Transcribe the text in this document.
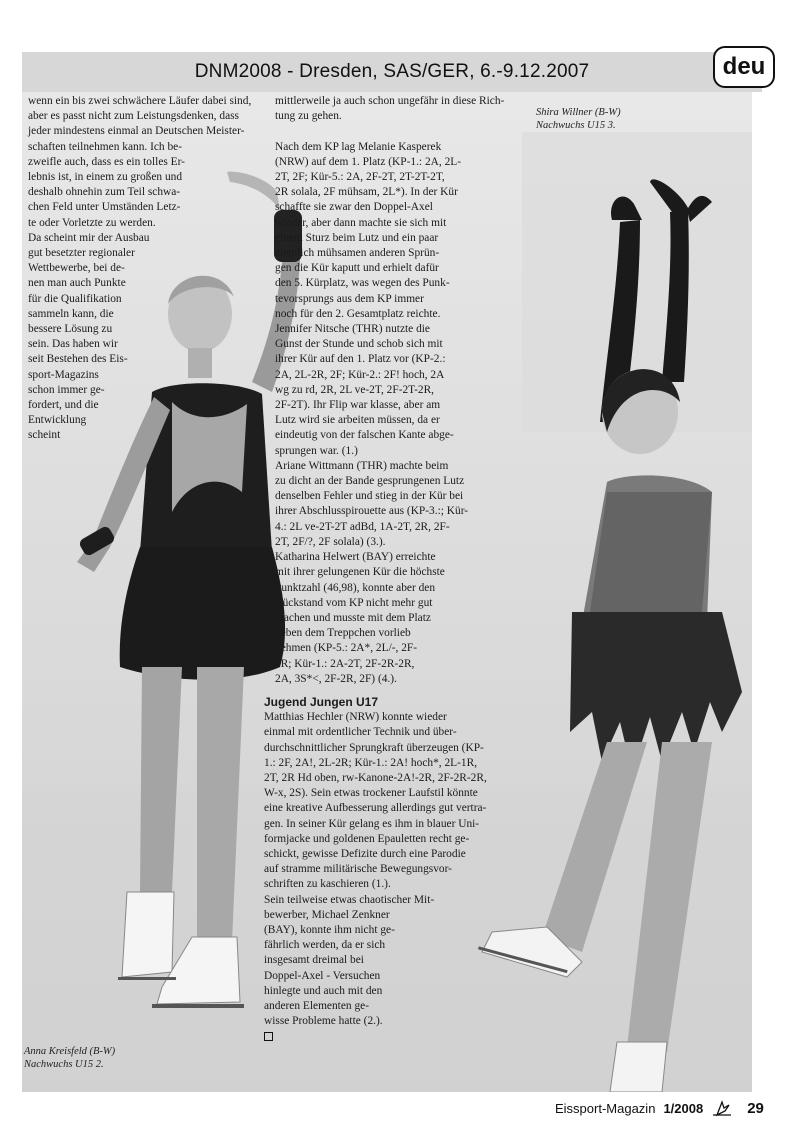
DNM2008 - Dresden, SAS/GER, 6.-9.12.2007	deu
wenn ein bis zwei schwächere Läufer dabei sind,
aber es passt nicht zum Leistungsdenken, dass
jeder mindestens einmal an Deutschen Meister-
schaften teilnehmen kann. Ich be-
zweifle auch, dass es ein tolles Er-
lebnis ist, in einem zu großen und
deshalb ohnehin zum Teil schwa-
chen Feld unter Umständen Letz-
te oder Vorletzte zu werden.
Da scheint mir der Ausbau
gut besetzter regionaler
Wettbewerbe, bei de-
nen man auch Punkte
für die Qualifikation
sammeln kann, die
bessere Lösung zu
sein. Das haben wir
seit Bestehen des Eis-
sport-Magazins
schon immer ge-
fordert, und die
Entwicklung
scheint
mittlerweile ja auch schon ungefähr in diese Rich-
tung zu gehen.

Nach dem KP lag Melanie Kasperek
(NRW) auf dem 1. Platz (KP-1.: 2A, 2L-
2T, 2F; Kür-5.: 2A, 2F-2T, 2T-2T-2T,
2R solala, 2F mühsam, 2L*). In der Kür
schaffte sie zwar den Doppel-Axel
wieder, aber dann machte sie sich mit
einem Sturz beim Lutz und ein paar
ziemlich mühsamen anderen Sprün-
gen die Kür kaputt und erhielt dafür
den 5. Kürplatz, was wegen des Punk-
tevorsprungs aus dem KP immer
noch für den 2. Gesamtplatz reichte.
Jennifer Nitsche (THR) nutzte die
Gunst der Stunde und schob sich mit
ihrer Kür auf den 1. Platz vor (KP-2.:
2A, 2L-2R, 2F; Kür-2.: 2F! hoch, 2A
wg zu rd, 2R, 2L ve-2T, 2F-2T-2R,
2F-2T). Ihr Flip war klasse, aber am
Lutz wird sie arbeiten müssen, da er
eindeutig von der falschen Kante abge-
sprungen war. (1.)
Ariane Wittmann (THR) machte beim
zu dicht an der Bande gesprungenen Lutz
denselben Fehler und stieg in der Kür bei
ihrer Abschlusspirouette aus (KP-3.:; Kür-
4.: 2L ve-2T-2T adBd, 1A-2T, 2R, 2F-
2T, 2F/?, 2F solala) (3.).
Katharina Helwert (BAY) erreichte
mit ihrer gelungenen Kür die höchste
Punktzahl (46,98), konnte aber den
Rückstand vom KP nicht mehr gut
machen und musste mit dem Platz
neben dem Treppchen vorlieb
nehmen (KP-5.: 2A*, 2L/-, 2F-
1R; Kür-1.: 2A-2T, 2F-2R-2R,
2A, 3S*<, 2F-2R, 2F) (4.).

Jugend Jungen U17

Matthias Hechler (NRW) konnte wieder
einmal mit ordentlicher Technik und über-
durchschnittlicher Sprungkraft überzeugen (KP-
1.: 2F, 2A!, 2L-2R; Kür-1.: 2A! hoch*, 2L-1R,
2T, 2R Hd oben, rw-Kanone-2A!-2R, 2F-2R-2R,
W-x, 2S). Sein etwas trockener Laufstil könnte
eine kreative Aufbesserung allerdings gut vertra-
gen. In seiner Kür gelang es ihm in blauer Uni-
formjacke und goldenen Epauletten recht ge-
schickt, gewisse Defizite durch eine Parodie
auf stramme militärische Bewegungsvor-
schriften zu kaschieren (1.).
Sein teilweise etwas chaotischer Mit-
bewerber, Michael Zenkner
(BAY), konnte ihm nicht ge-
fährlich werden, da er sich
insgesamt dreimal bei
Doppel-Axel - Versuchen
hinlegte und auch mit den
anderen Elementen ge-
wisse Probleme hatte (2.).
Shira Willner (B-W)
Nachwuchs U15 3.
Anna Kreisfeld (B-W)
Nachwuchs U15 2.
Eissport-Magazin 1/2008	29
